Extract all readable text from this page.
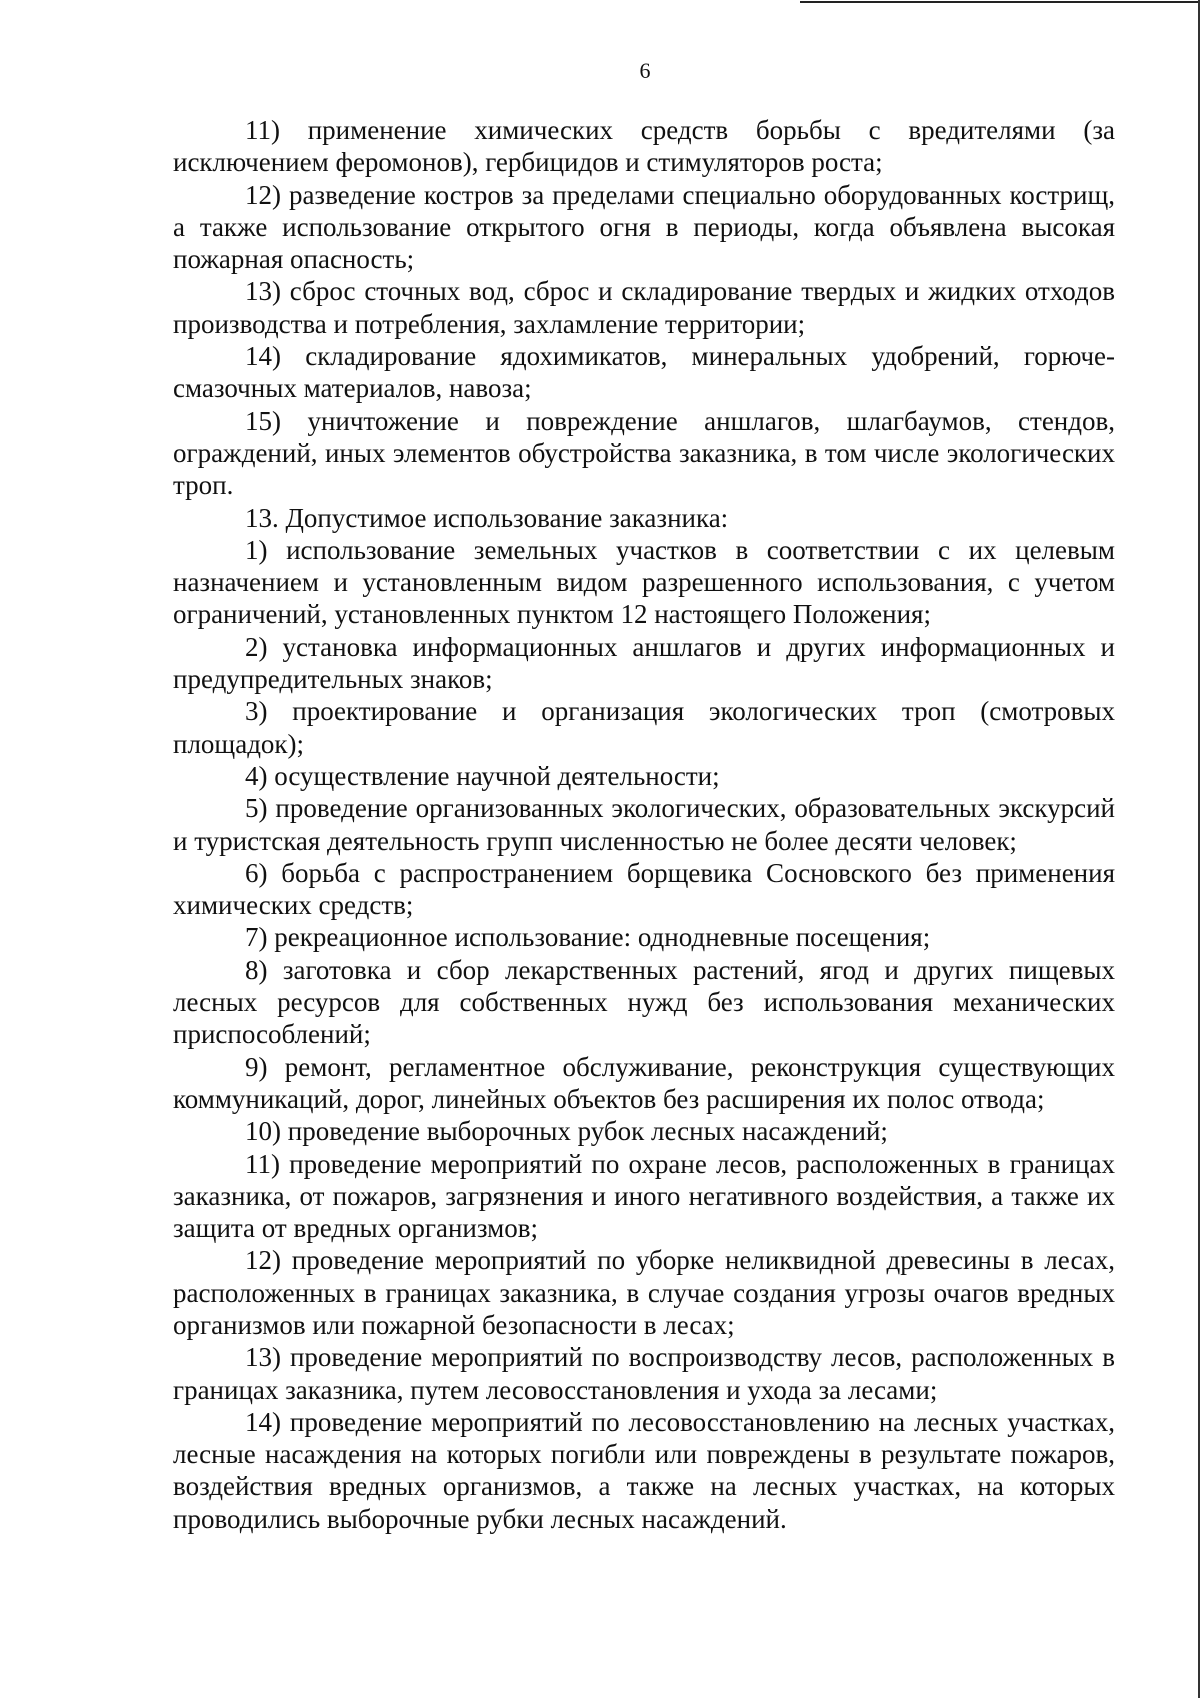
6

11) применение химических средств борьбы с вредителями (за исключением феромонов), гербицидов и стимуляторов роста;

12) разведение костров за пределами специально оборудованных кострищ, а также использование открытого огня в периоды, когда объявлена высокая пожарная опасность;

13) сброс сточных вод, сброс и складирование твердых и жидких отходов производства и потребления, захламление территории;

14) складирование ядохимикатов, минеральных удобрений, горюче-смазочных материалов, навоза;

15) уничтожение и повреждение аншлагов, шлагбаумов, стендов, ограждений, иных элементов обустройства заказника, в том числе экологических троп.

13. Допустимое использование заказника:

1) использование земельных участков в соответствии с их целевым назначением и установленным видом разрешенного использования, с учетом ограничений, установленных пунктом 12 настоящего Положения;

2) установка информационных аншлагов и других информационных и предупредительных знаков;

3) проектирование и организация экологических троп (смотровых площадок);

4) осуществление научной деятельности;

5) проведение организованных экологических, образовательных экскурсий и туристская деятельность групп численностью не более десяти человек;

6) борьба с распространением борщевика Сосновского без применения химических средств;

7) рекреационное использование: однодневные посещения;

8) заготовка и сбор лекарственных растений, ягод и других пищевых лесных ресурсов для собственных нужд без использования механических приспособлений;

9) ремонт, регламентное обслуживание, реконструкция существующих коммуникаций, дорог, линейных объектов без расширения их полос отвода;

10) проведение выборочных рубок лесных насаждений;

11) проведение мероприятий по охране лесов, расположенных в границах заказника, от пожаров, загрязнения и иного негативного воздействия, а также их защита от вредных организмов;

12) проведение мероприятий по уборке неликвидной древесины в лесах, расположенных в границах заказника, в случае создания угрозы очагов вредных организмов или пожарной безопасности в лесах;

13) проведение мероприятий по воспроизводству лесов, расположенных в границах заказника, путем лесовосстановления и ухода за лесами;

14) проведение мероприятий по лесовосстановлению на лесных участках, лесные насаждения на которых погибли или повреждены в результате пожаров, воздействия вредных организмов, а также на лесных участках, на которых проводились выборочные рубки лесных насаждений.
